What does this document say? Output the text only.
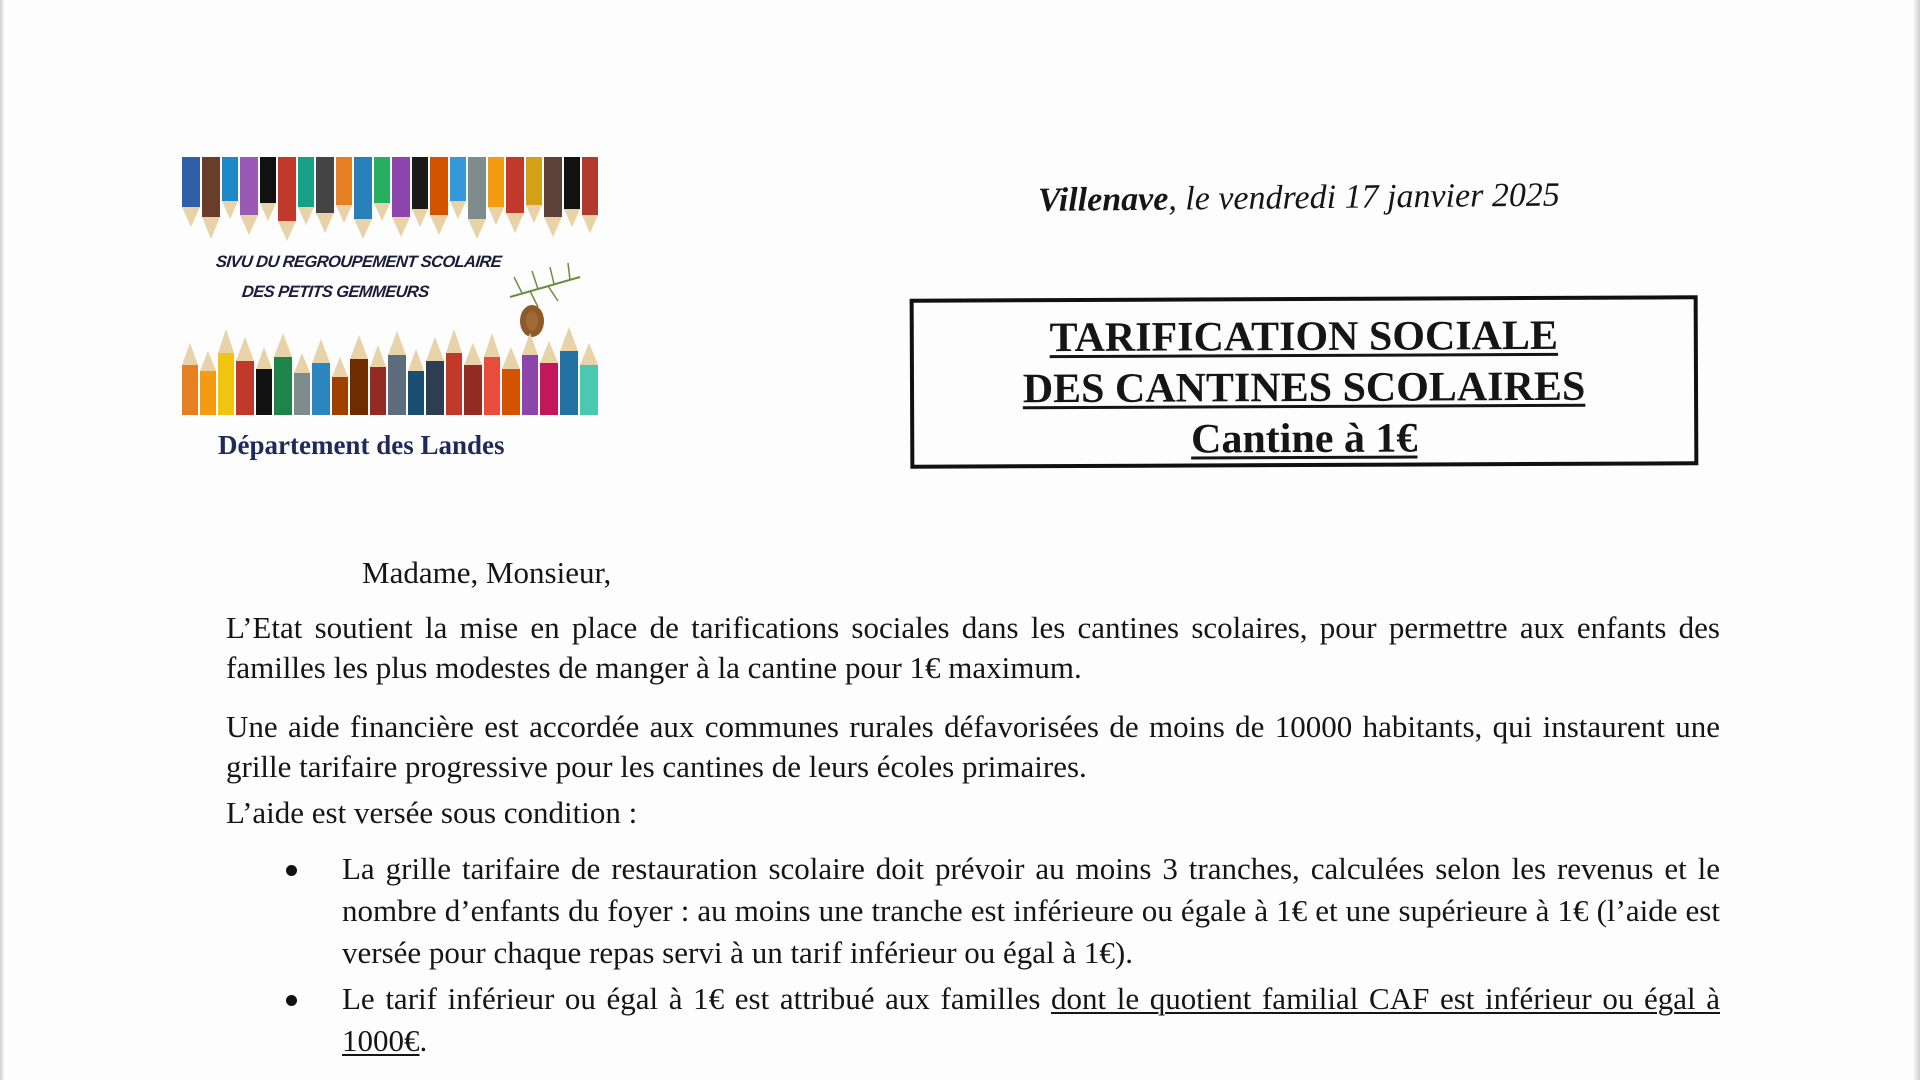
SIVU DU REGROUPEMENT SCOLAIRE
DES PETITS GEMMEURS
Département des Landes
Villenave, le vendredi 17 janvier 2025
TARIFICATION SOCIALE
DES CANTINES SCOLAIRES
Cantine à 1€
Madame, Monsieur,
L’Etat soutient la mise en place de tarifications sociales dans les cantines scolaires, pour permettre aux enfants des familles les plus modestes de manger à la cantine pour 1€ maximum.
Une aide financière est accordée aux communes rurales défavorisées de moins de 10000 habitants, qui instaurent une grille tarifaire progressive pour les cantines de leurs écoles primaires.
L’aide est versée sous condition :
La grille tarifaire de restauration scolaire doit prévoir au moins 3 tranches, calculées selon les revenus et le nombre d’enfants du foyer : au moins une tranche est inférieure ou égale à 1€ et une supérieure à 1€ (l’aide est versée pour chaque repas servi à un tarif inférieur ou égal à 1€).
Le tarif inférieur ou égal à 1€ est attribué aux familles dont le quotient familial CAF est inférieur ou égal à 1000€.
